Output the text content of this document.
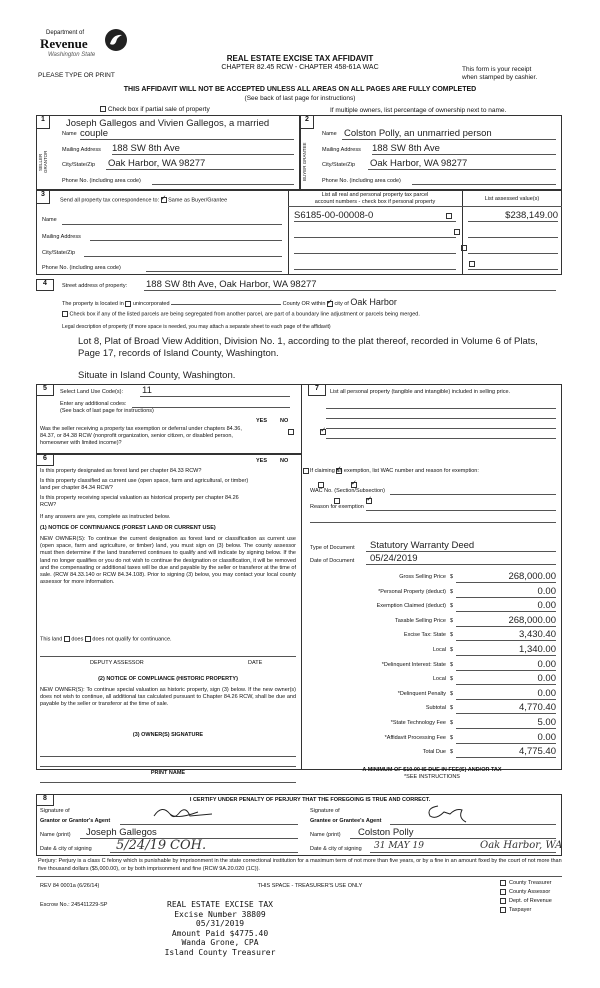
Department of
Revenue
Washington State
PLEASE TYPE OR PRINT
REAL ESTATE EXCISE TAX AFFIDAVIT
CHAPTER 82.45 RCW - CHAPTER 458-61A WAC	This form is your receipt
when stamped by cashier.
THIS AFFIDAVIT WILL NOT BE ACCEPTED UNLESS ALL AREAS ON ALL PAGES ARE FULLY COMPLETED
(See back of last page for instructions)
Check box if partial sale of property	If multiple owners, list percentage of ownership next to name.
1	2
SELLER GRANTOR	BUYER GRANTEE
Joseph Gallegos and Vivien Gallegos, a married
Name couple
Mailing Address 188 SW 8th Ave
City/State/Zip Oak Harbor, WA 98277
Phone No. (including area code)
Name Colston Polly, an unmarried person
Mailing Address 188 SW 8th Ave
City/State/Zip Oak Harbor, WA 98277
Phone No. (including area code)
3
Send all property tax correspondence to: ✓ Same as Buyer/Grantee
List all real and personal property tax parcel
account numbers - check box if personal property	List assessed value(s)
Name
Mailing Address
City/State/Zip
Phone No. (including area code)
S6185-00-00008-0	$238,149.00

4	Street address of property: 188 SW 8th Ave, Oak Harbor, WA 98277
The property is located in unincorporated	County OR within ✓ city of Oak Harbor
Check box if any of the listed parcels are being segregated from another parcel, are part of a boundary line adjustment or parcels being merged.
Legal description of property (if more space is needed, you may attach a separate sheet to each page of the affidavit)
Lot 8, Plat of Broad View Addition, Division No. 1, according to the plat thereof, recorded in Volume 6 of Plats,
Page 17, records of Island County, Washington.
Situate in Island County, Washington.
5	Select Land Use Code(s): 11
Enter any additional codes:
(See back of last page for instructions)
YES NO
Was the seller receiving a property tax exemption or deferral under chapters 84.36, 84.37, or 84.38 RCW (nonprofit organization, senior citizen, or disabled person, homeowner with limited income)?
✓
6	YES NO
Is this property designated as forest land per chapter 84.33 RCW?
✓
Is this property classified as current use (open space, farm and agricultural, or timber) land per chapter 84.34 RCW?
✓
Is this property receiving special valuation as historical property per chapter 84.26 RCW?
✓
If any answers are yes, complete as instructed below.
(1) NOTICE OF CONTINUANCE (FOREST LAND OR CURRENT USE)
NEW OWNER(S): To continue the current designation as forest land or classification as current use (open space, farm and agriculture, or timber) land, you must sign on (3) below. The county assessor must then determine if the land transferred continues to qualify and will indicate by signing below. If the land no longer qualifies or you do not wish to continue the designation or classification, it will be removed and the compensating or additional taxes will be due and payable by the seller or transferor at the time of sale. (RCW 84.33.140 or RCW 84.34.108). Prior to signing (3) below, you may contact your local county assessor for more information.
This land does does not qualify for continuance.
DEPUTY ASSESSOR	DATE
(2) NOTICE OF COMPLIANCE (HISTORIC PROPERTY)
NEW OWNER(S): To continue special valuation as historic property, sign (3) below. If the new owner(s) does not wish to continue, all additional tax calculated pursuant to Chapter 84.26 RCW, shall be due and payable by the seller or transferor at the time of sale.
(3) OWNER(S) SIGNATURE
PRINT NAME
7	List all personal property (tangible and intangible) included in selling price.
If claiming an exemption, list WAC number and reason for exemption:
WAC No. (Section/Subsection)
Reason for exemption
Type of Document Statutory Warranty Deed
Date of Document 05/24/2019
Gross Selling Price $	268,000.00
*Personal Property (deduct) $	0.00
Exemption Claimed (deduct) $	0.00
Taxable Selling Price $	268,000.00
Excise Tax: State $	3,430.40
Local $	1,340.00
*Delinquent Interest: State $	0.00
Local $	0.00
*Delinquent Penalty $	0.00
Subtotal $	4,770.40
*State Technology Fee $	5.00
*Affidavit Processing Fee $	0.00
Total Due $	4,775.40
A MINIMUM OF $10.00 IS DUE IN FEE(S) AND/OR TAX
*SEE INSTRUCTIONS
8	I CERTIFY UNDER PENALTY OF PERJURY THAT THE FOREGOING IS TRUE AND CORRECT.
Signature of
Grantor or Grantor's Agent
Name (print) Joseph Gallegos
Date & city of signing 5/24/19 COH.
Signature of
Grantee or Grantee's Agent
Name (print) Colston Polly
Date & city of signing 31 MAY 19	Oak Harbor, WA
Perjury: Perjury is a class C felony which is punishable by imprisonment in the state correctional institution for a maximum term of not more than five years, or by a fine in an amount fixed by the court of not more than five thousand dollars ($5,000.00), or by both imprisonment and fine (RCW 9A.20.020 (1C)).
REV 84 0001a (6/26/14)	THIS SPACE - TREASURER'S USE ONLY
Escrow No.: 245411229-SP
County Treasurer
County Assessor
Dept. of Revenue
Taxpayer
REAL ESTATE EXCISE TAX
Excise Number 38809
05/31/2019
Amount Paid $4775.40
Wanda Grone, CPA
Island County Treasurer
